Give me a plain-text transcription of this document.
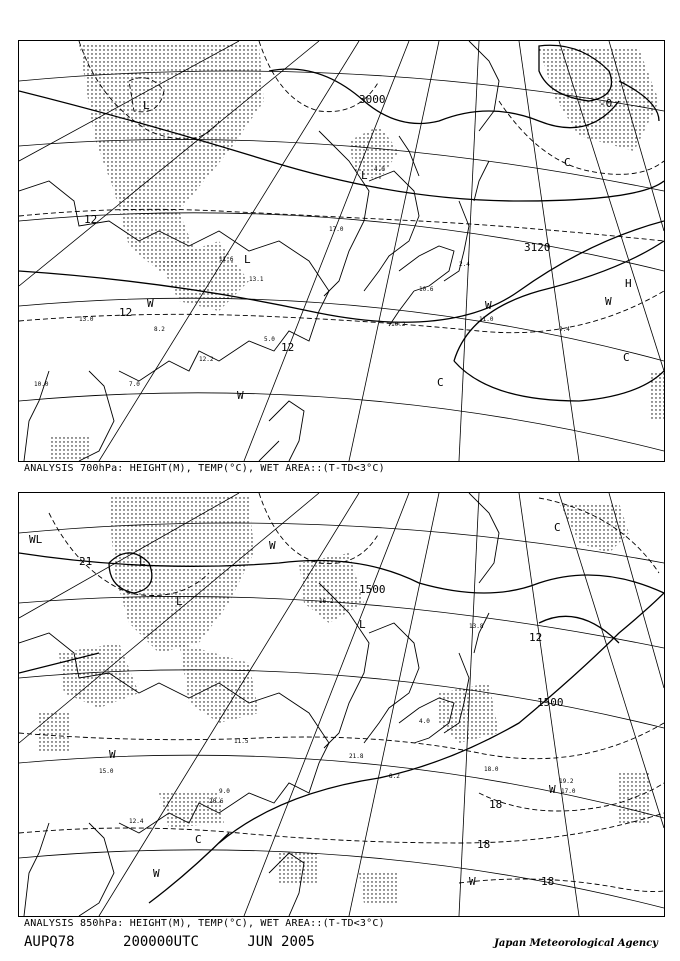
3000
3120
12
12
12
-0
L
L
L
C
C
C
H
W	W	W
W
4.0
13.0
2.4
11.0
10.2
5.0
9.4
8.2
11.6
17.0
13.1
12.2
10.6
10.0	7.0
ANALYSIS 700hPa: HEIGHT(M), TEMP(°C), WET AREA::(T-TD<3°C)
1500
1500
18
18
18
12
21	L
L
L
C
C
W
W
W
W
W
WL
18.0
21.8
17.0
16.2
15.0
11.5
19.2
20.6
13.8
8.2
12.4
9.0
4.0
ANALYSIS 850hPa: HEIGHT(M), TEMP(°C), WET AREA::(T-TD<3°C)
AUPQ78	200000UTC	JUN 2005	Japan Meteorological Agency
